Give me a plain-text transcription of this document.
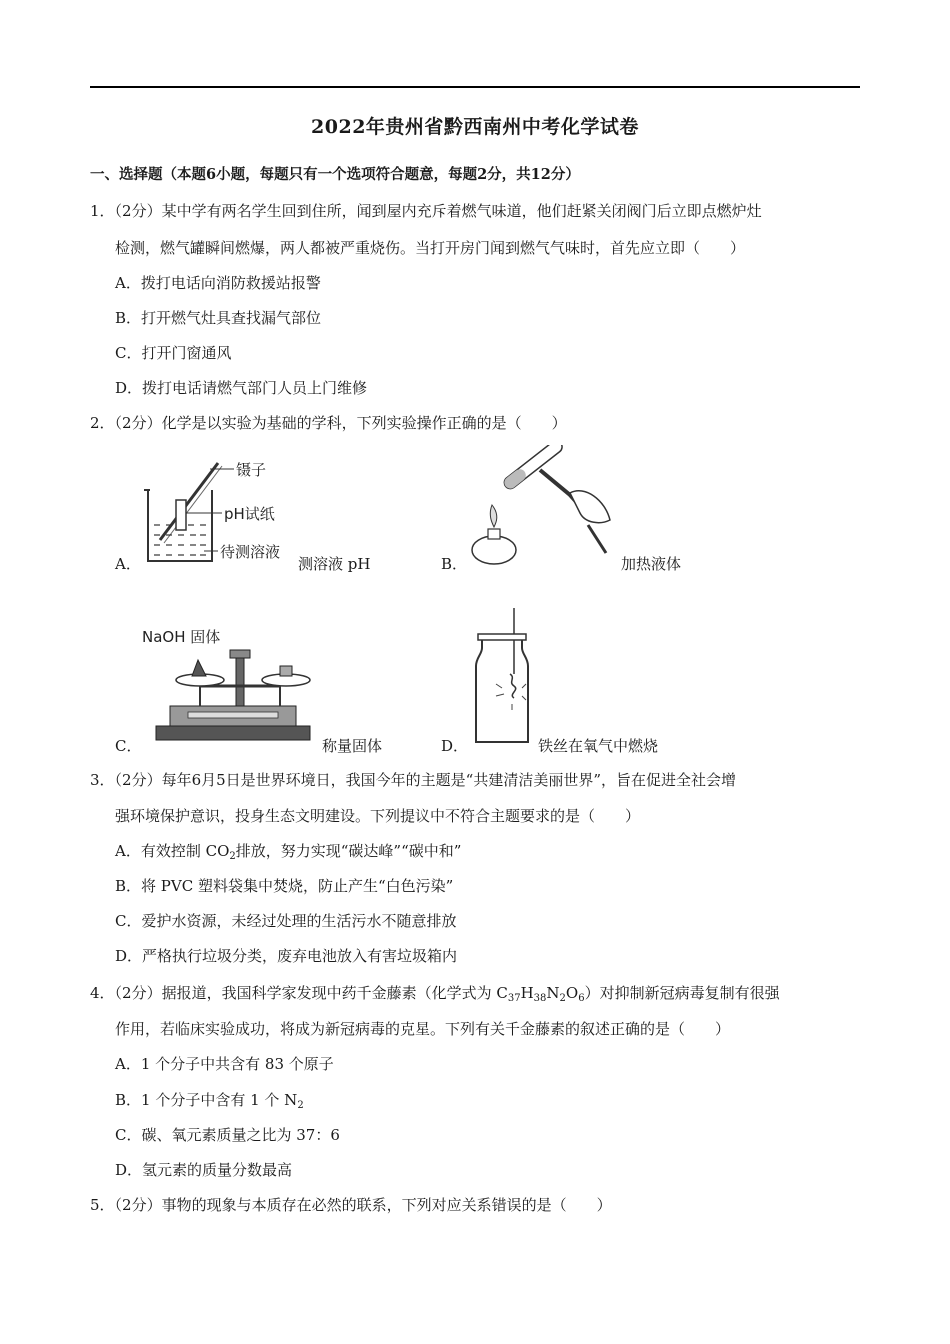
2022年贵州省黔西南州中考化学试卷
一、选择题（本题6小题，每题只有一个选项符合题意，每题2分，共12分）
1．（2分）某中学有两名学生回到住所，闻到屋内充斥着燃气味道，他们赶紧关闭阀门后立即点燃炉灶
检测，燃气罐瞬间燃爆，两人都被严重烧伤。当打开房门闻到燃气气味时，首先应立即（　　）
A．拨打电话向消防救援站报警
B．打开燃气灶具查找漏气部位
C．打开门窗通风
D．拨打电话请燃气部门人员上门维修
2．（2分）化学是以实验为基础的学科，下列实验操作正确的是（　　）
镊子
pH试纸
待测溶液
A．	测溶液 pH	B．	加热液体
NaOH 固体
C．	称量固体	D．	铁丝在氧气中燃烧
3．（2分）每年6月5日是世界环境日，我国今年的主题是“共建清洁美丽世界”，旨在促进全社会增
强环境保护意识，投身生态文明建设。下列提议中不符合主题要求的是（　　）
A．有效控制 $CO_2$排放，努力实现“碳达峰”“碳中和”
B．将 PVC 塑料袋集中焚烧，防止产生“白色污染”
C．爱护水资源，未经过处理的生活污水不随意排放
D．严格执行垃圾分类，废弃电池放入有害垃圾箱内
4．（2分）据报道，我国科学家发现中药千金藤素（化学式为 $C_{37}H_{38}N_2O_6$）对抑制新冠病毒复制有很强
作用，若临床实验成功，将成为新冠病毒的克星。下列有关千金藤素的叙述正确的是（　　）
A．1 个分子中共含有 83 个原子
B．1 个分子中含有 1 个 $N_2$
C．碳、氧元素质量之比为 37：6
D．氢元素的质量分数最高
5．（2分）事物的现象与本质存在必然的联系，下列对应关系错误的是（　　）
